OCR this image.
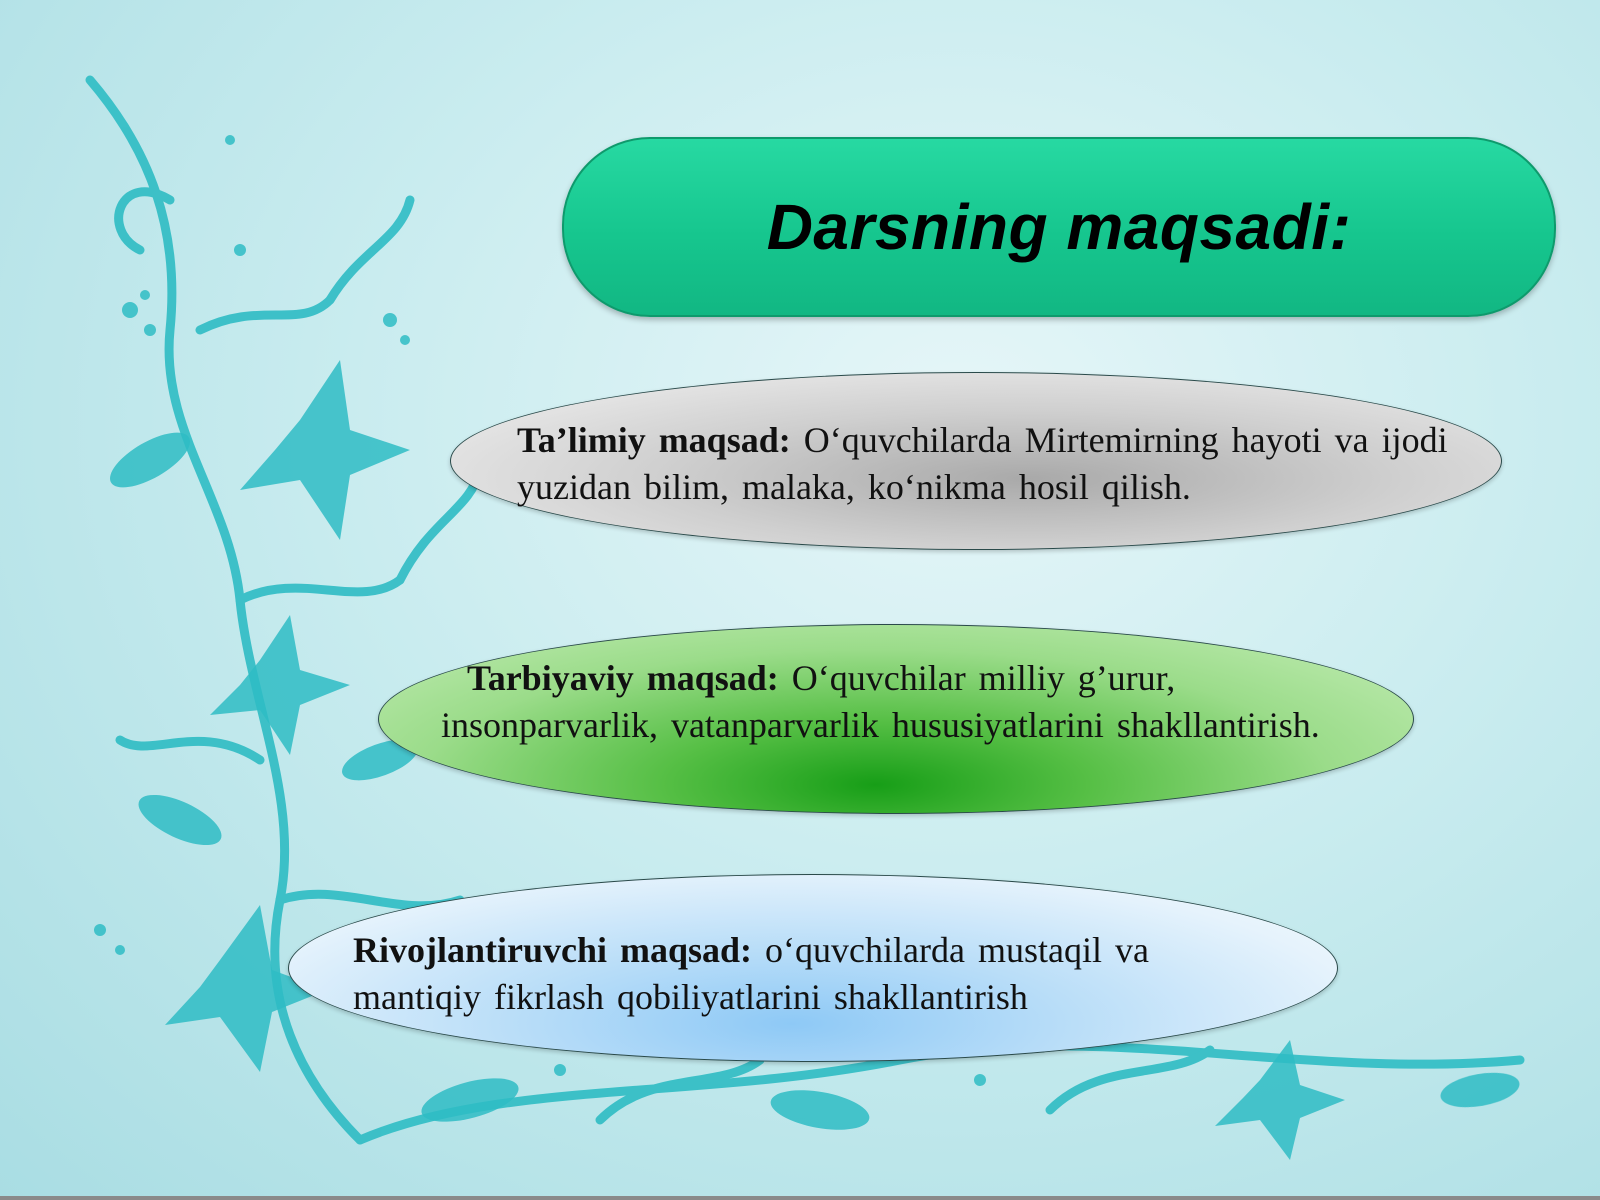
Darsning maqsadi:
Ta’limiy maqsad: O‘quvchilarda Mirtemirning hayoti va ijodi yuzidan bilim, malaka, ko‘nikma hosil qilish.
Tarbiyaviy maqsad: O‘quvchilar milliy g’urur, insonparvarlik, vatanparvarlik hususiyatlarini shakllantirish.
Rivojlantiruvchi maqsad: o‘quvchilarda mustaqil va mantiqiy fikrlash qobiliyatlarini shakllantirish
